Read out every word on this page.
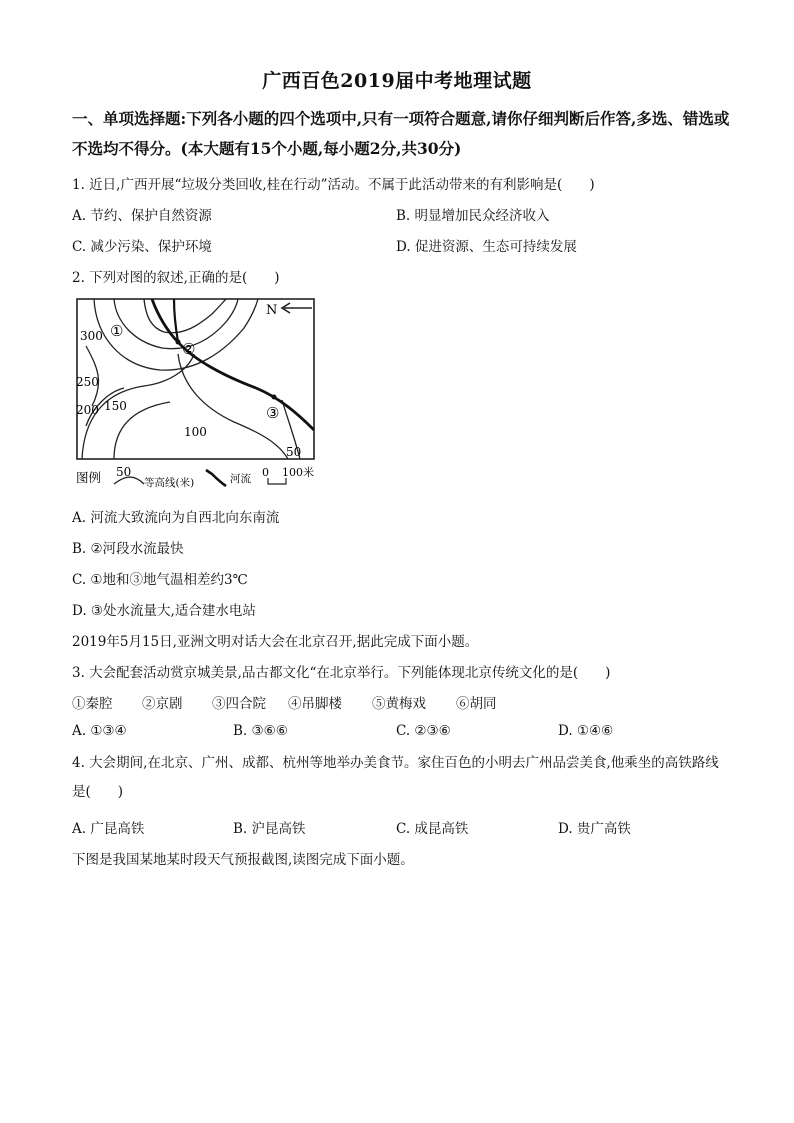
广西百色2019届中考地理试题
一、单项选择题:下列各小题的四个选项中,只有一项符合题意,请你仔细判断后作答,多选、错选或不选均不得分。(本大题有15个小题,每小题2分,共30分)
1. 近日,广西开展“垃圾分类回收,桂在行动”活动。不属于此活动带来的有利影响是(　　)
A. 节约、保护自然资源	B. 明显增加民众经济收入
C. 减少污染、保护环境	D. 促进资源、生态可持续发展
2. 下列对图的叙述,正确的是(　　)
N
300
250
200 150
100
50
①
②
③
图例 50
等高线(米)	河流 0 100米
A. 河流大致流向为自西北向东南流
B. ②河段水流最快
C. ①地和③地气温相差约3℃
D. ③处水流量大,适合建水电站
2019年5月15日,亚洲文明对话大会在北京召开,据此完成下面小题。
3. 大会配套活动赏京城美景,品古都文化“在北京举行。下列能体现北京传统文化的是(　　)
①秦腔 ②京剧 ③四合院 ④吊脚楼 ⑤黄梅戏 ⑥胡同
A. ①③④	B. ③⑥⑥	C. ②③⑥	D. ①④⑥
4. 大会期间,在北京、广州、成都、杭州等地举办美食节。家住百色的小明去广州品尝美食,他乘坐的高铁路线是(　　)
A. 广昆高铁	B. 沪昆高铁	C. 成昆高铁	D. 贵广高铁
下图是我国某地某时段天气预报截图,读图完成下面小题。
